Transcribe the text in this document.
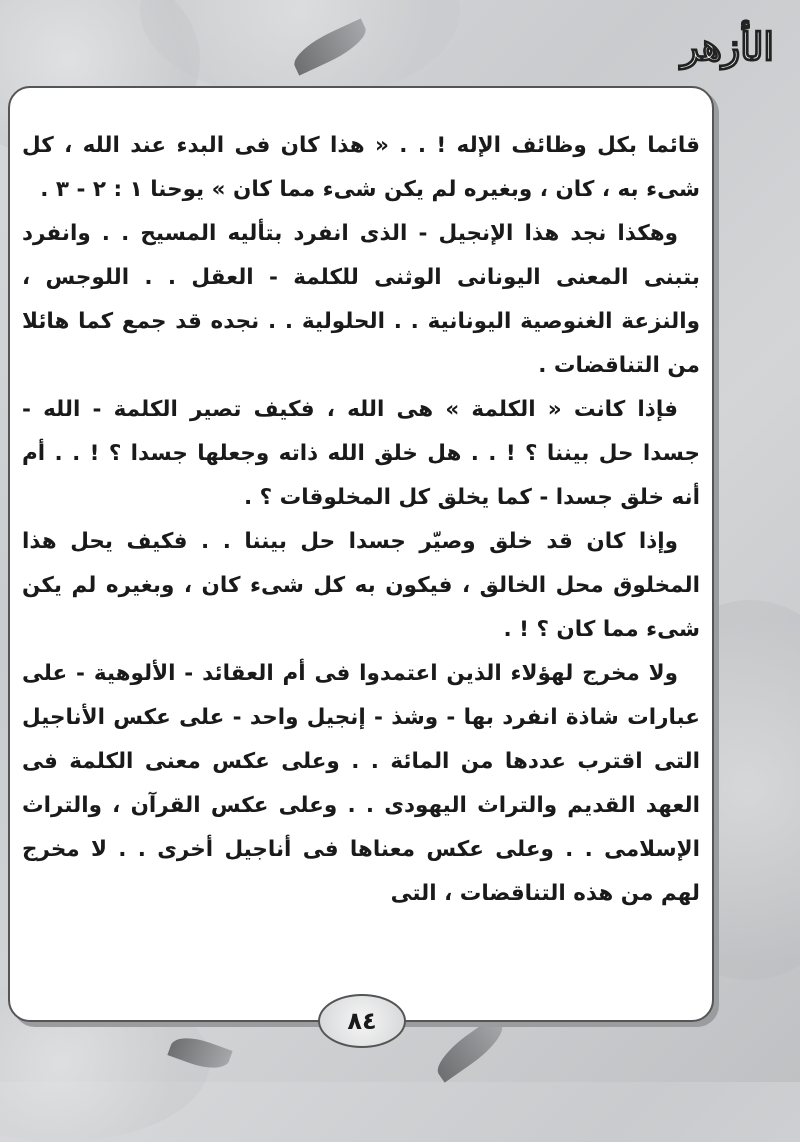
الأزهر

قائما بكل وظائف الإله ! . . « هذا كان فى البدء عند الله ، كل شىء به ، كان ، وبغيره لم يكن شىء مما كان » يوحنا ١ : ٢ - ٣ .

وهكذا نجد هذا الإنجيل - الذى انفرد بتأليه المسيح . . وانفرد بتبنى المعنى اليونانى الوثنى للكلمة - العقل . . اللوجس ، والنزعة الغنوصية اليونانية . . الحلولية . . نجده قد جمع كما هائلا من التناقضات .

فإذا كانت « الكلمة » هى الله ، فكيف تصير الكلمة - الله - جسدا حل بيننا ؟ ! . . هل خلق الله ذاته وجعلها جسدا ؟ ! . . أم أنه خلق جسدا - كما يخلق كل المخلوقات ؟ .

وإذا كان قد خلق وصيّر جسدا حل بيننا . . فكيف يحل هذا المخلوق محل الخالق ، فيكون به كل شىء كان ، وبغيره لم يكن شىء مما كان ؟ ! .

ولا مخرج لهؤلاء الذين اعتمدوا فى أم العقائد - الألوهية - على عبارات شاذة انفرد بها - وشذ - إنجيل واحد - على عكس الأناجيل التى اقترب عددها من المائة . . وعلى عكس معنى الكلمة فى العهد القديم والتراث اليهودى . . وعلى عكس القرآن ، والتراث الإسلامى . . وعلى عكس معناها فى أناجيل أخرى . . لا مخرج لهم من هذه التناقضات ، التى

٨٤
